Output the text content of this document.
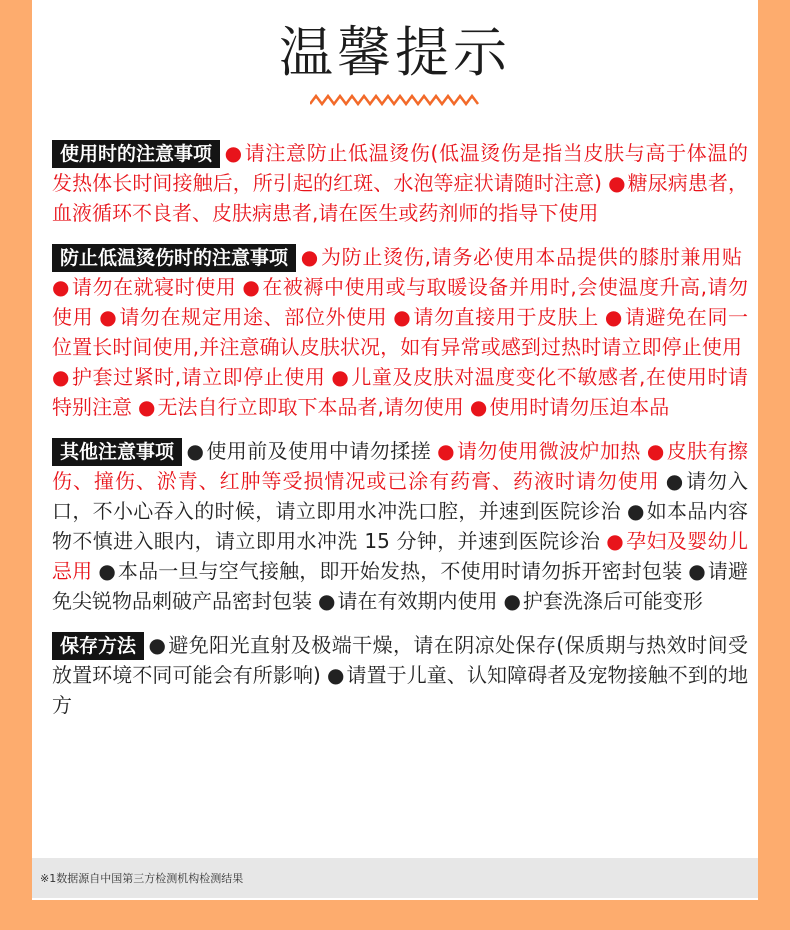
温馨提示
使用时的注意事项 ● 请注意防止低温烫伤(低温烫伤是指当皮肤与高于体温的发热体长时间接触后，所引起的红斑、水泡等症状请随时注意) ● 糖尿病患者，血液循环不良者、皮肤病患者,请在医生或药剂师的指导下使用
防止低温烫伤时的注意事项 ● 为防止烫伤,请务必使用本品提供的膝肘兼用贴● 请勿在就寝时使用 ● 在被褥中使用或与取暖设备并用时,会使温度升高,请勿使用 ● 请勿在规定用途、部位外使用 ● 请勿直接用于皮肤上 ● 请避免在同一位置长时间使用,并注意确认皮肤状况，如有异常或感到过热时请立即停止使用● 护套过紧时,请立即停止使用 ● 儿童及皮肤对温度变化不敏感者,在使用时请特别注意 ● 无法自行立即取下本品者,请勿使用 ● 使用时请勿压迫本品
其他注意事项 ● 使用前及使用中请勿揉搓 ● 请勿使用微波炉加热 ● 皮肤有擦伤、撞伤、淤青、红肿等受损情况或已涂有药膏、药液时请勿使用 ● 请勿入口，不小心吞入的时候，请立即用水冲洗口腔，并速到医院诊治 ● 如本品内容物不慎进入眼内，请立即用水冲洗 15 分钟，并速到医院诊治 ● 孕妇及婴幼儿忌用 ● 本品一旦与空气接触，即开始发热，不使用时请勿拆开密封包装 ● 请避免尖锐物品刺破产品密封包装 ● 请在有效期内使用 ● 护套洗涤后可能变形
保存方法 ● 避免阳光直射及极端干燥，请在阴凉处保存(保质期与热效时间受放置环境不同可能会有所影响) ● 请置于儿童、认知障碍者及宠物接触不到的地方
※1数据源自中国第三方检测机构检测结果
